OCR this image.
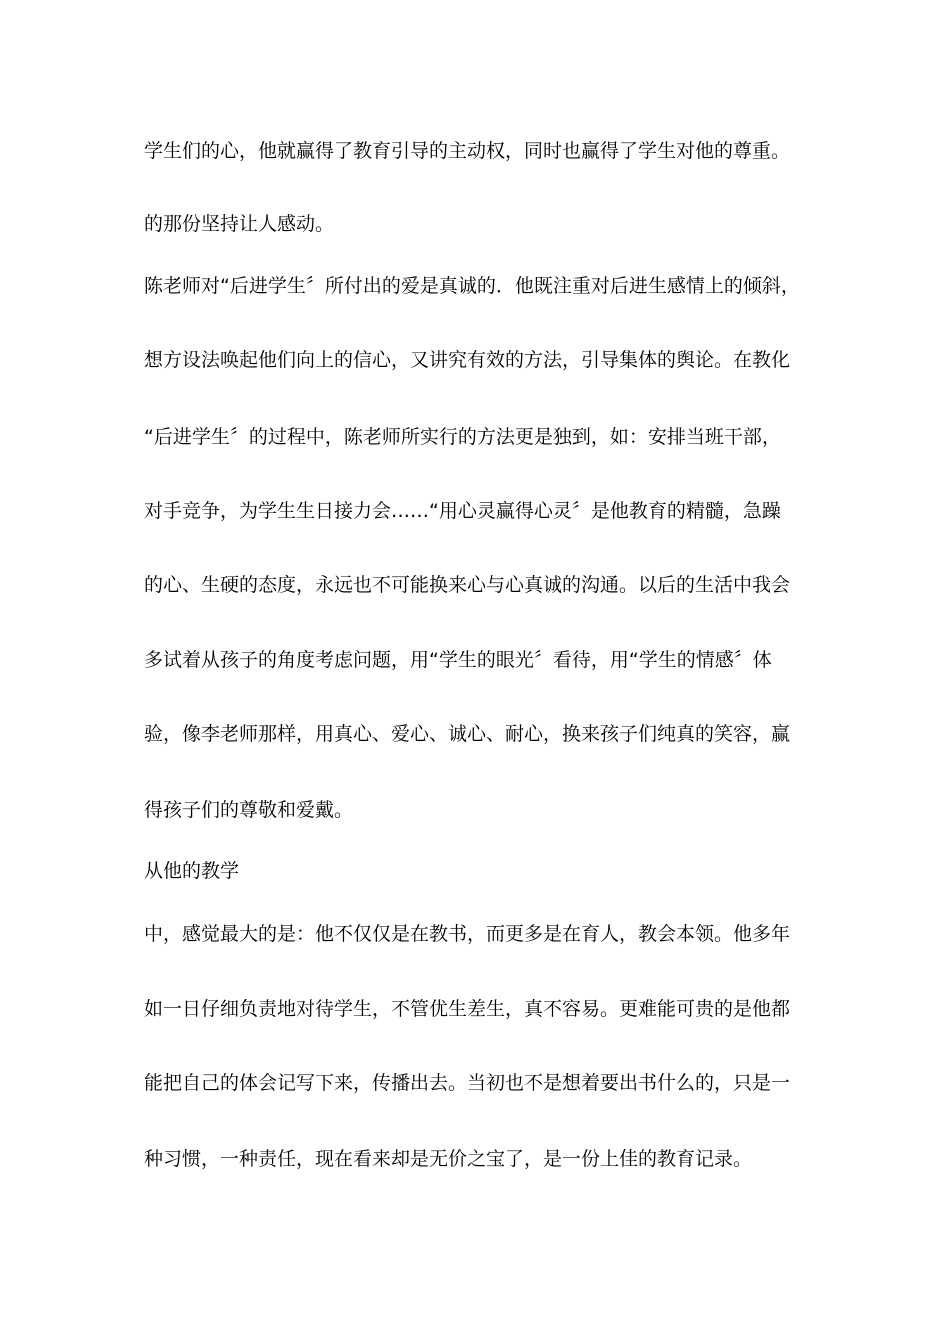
学生们的心，他就赢得了教育引导的主动权，同时也赢得了学生对他的尊重。
的那份坚持让人感动。
陈老师对“后进学生〞所付出的爱是真诚的．他既注重对后进生感情上的倾斜，
想方设法唤起他们向上的信心，又讲究有效的方法，引导集体的舆论。在教化
“后进学生〞的过程中，陈老师所实行的方法更是独到，如：安排当班干部，
对手竞争，为学生生日接力会……“用心灵赢得心灵〞是他教育的精髓，急躁
的心、生硬的态度，永远也不可能换来心与心真诚的沟通。以后的生活中我会
多试着从孩子的角度考虑问题，用“学生的眼光〞看待，用“学生的情感〞体
验，像李老师那样，用真心、爱心、诚心、耐心，换来孩子们纯真的笑容，赢
得孩子们的尊敬和爱戴。
从他的教学
中，感觉最大的是：他不仅仅是在教书，而更多是在育人，教会本领。他多年
如一日仔细负责地对待学生，不管优生差生，真不容易。更难能可贵的是他都
能把自己的体会记写下来，传播出去。当初也不是想着要出书什么的，只是一
种习惯，一种责任，现在看来却是无价之宝了，是一份上佳的教育记录。
